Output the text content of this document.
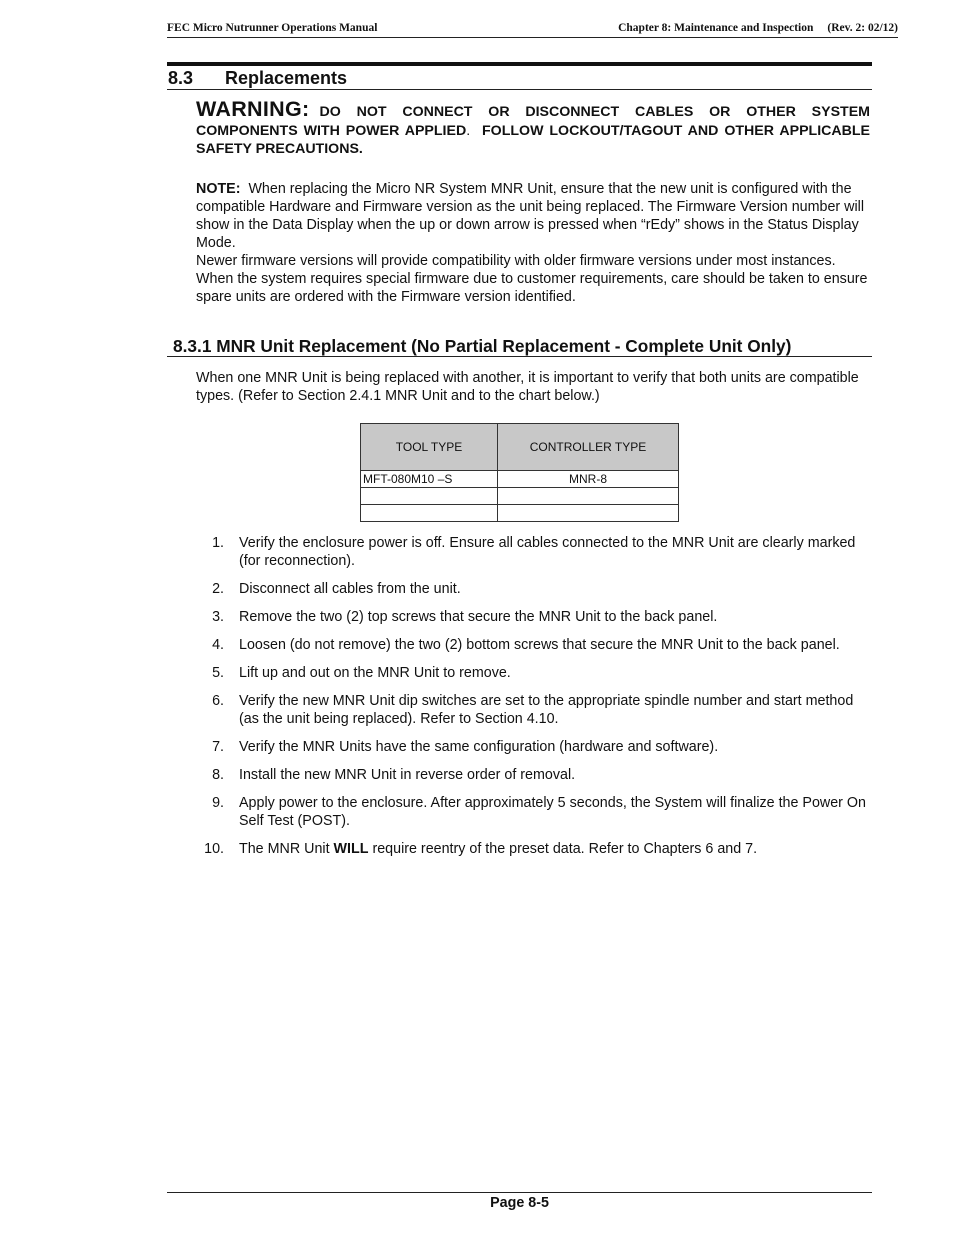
FEC Micro Nutrunner Operations Manual	Chapter 8: Maintenance and Inspection (Rev. 2: 02/12)
8.3 Replacements
WARNING: DO NOT CONNECT OR DISCONNECT CABLES OR OTHER SYSTEM COMPONENTS WITH POWER APPLIED. FOLLOW LOCKOUT/TAGOUT AND OTHER APPLICABLE SAFETY PRECAUTIONS.

NOTE: When replacing the Micro NR System MNR Unit, ensure that the new unit is configured with the compatible Hardware and Firmware version as the unit being replaced. The Firmware Version number will show in the Data Display when the up or down arrow is pressed when “rEdy” shows in the Status Display Mode.

Newer firmware versions will provide compatibility with older firmware versions under most instances. When the system requires special firmware due to customer requirements, care should be taken to ensure spare units are ordered with the Firmware version identified.

8.3.1 MNR Unit Replacement (No Partial Replacement - Complete Unit Only)
When one MNR Unit is being replaced with another, it is important to verify that both units are compatible types. (Refer to Section 2.4.1 MNR Unit and to the chart below.)
TOOL TYPE	CONTROLLER TYPE
MFT-080M10 –S	MNR-8

1. Verify the enclosure power is off. Ensure all cables connected to the MNR Unit are clearly marked (for reconnection).
2. Disconnect all cables from the unit.
3. Remove the two (2) top screws that secure the MNR Unit to the back panel.
4. Loosen (do not remove) the two (2) bottom screws that secure the MNR Unit to the back panel.
5. Lift up and out on the MNR Unit to remove.
6. Verify the new MNR Unit dip switches are set to the appropriate spindle number and start method (as the unit being replaced). Refer to Section 4.10.
7. Verify the MNR Units have the same configuration (hardware and software).
8. Install the new MNR Unit in reverse order of removal.
9. Apply power to the enclosure. After approximately 5 seconds, the System will finalize the Power On Self Test (POST).
10. The MNR Unit WILL require reentry of the preset data. Refer to Chapters 6 and 7.
Page 8-5
